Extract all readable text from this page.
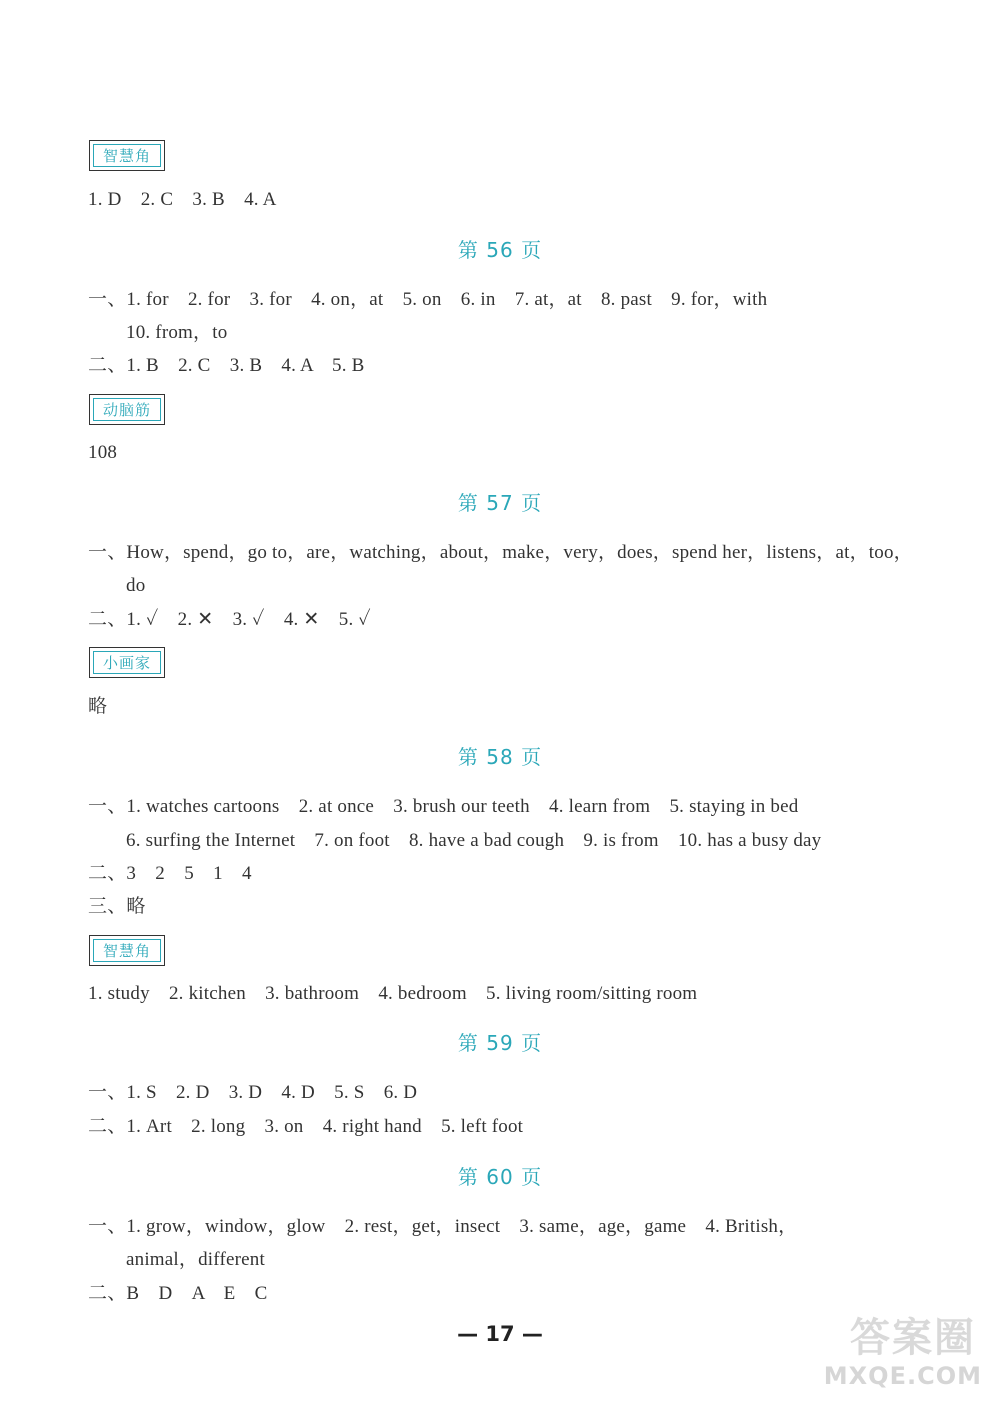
智慧角
1. D　2. C　3. B　4. A
第 56 页
一、1. for　2. for　3. for　4. on，at　5. on　6. in　7. at，at　8. past　9. for，with
10. from，to
二、1. B　2. C　3. B　4. A　5. B
动脑筋
108
第 57 页
一、How，spend，go to，are，watching，about，make，very，does，spend her，listens，at，too，
do
二、1. ✓　2. ✕　3. ✓　4. ✕　5. ✓
小画家
略
第 58 页
一、1. watches cartoons　2. at once　3. brush our teeth　4. learn from　5. staying in bed
6. surfing the Internet　7. on foot　8. have a bad cough　9. is from　10. has a busy day
二、3　2　5　1　4
三、略
智慧角
1. study　2. kitchen　3. bathroom　4. bedroom　5. living room/sitting room
第 59 页
一、1. S　2. D　3. D　4. D　5. S　6. D
二、1. Art　2. long　3. on　4. right hand　5. left foot
第 60 页
一、1. grow，window，glow　2. rest，get，insect　3. same，age，game　4. British，
animal，different
二、B　D　A　E　C
— 17 —	答案圈
MXQE.COM
